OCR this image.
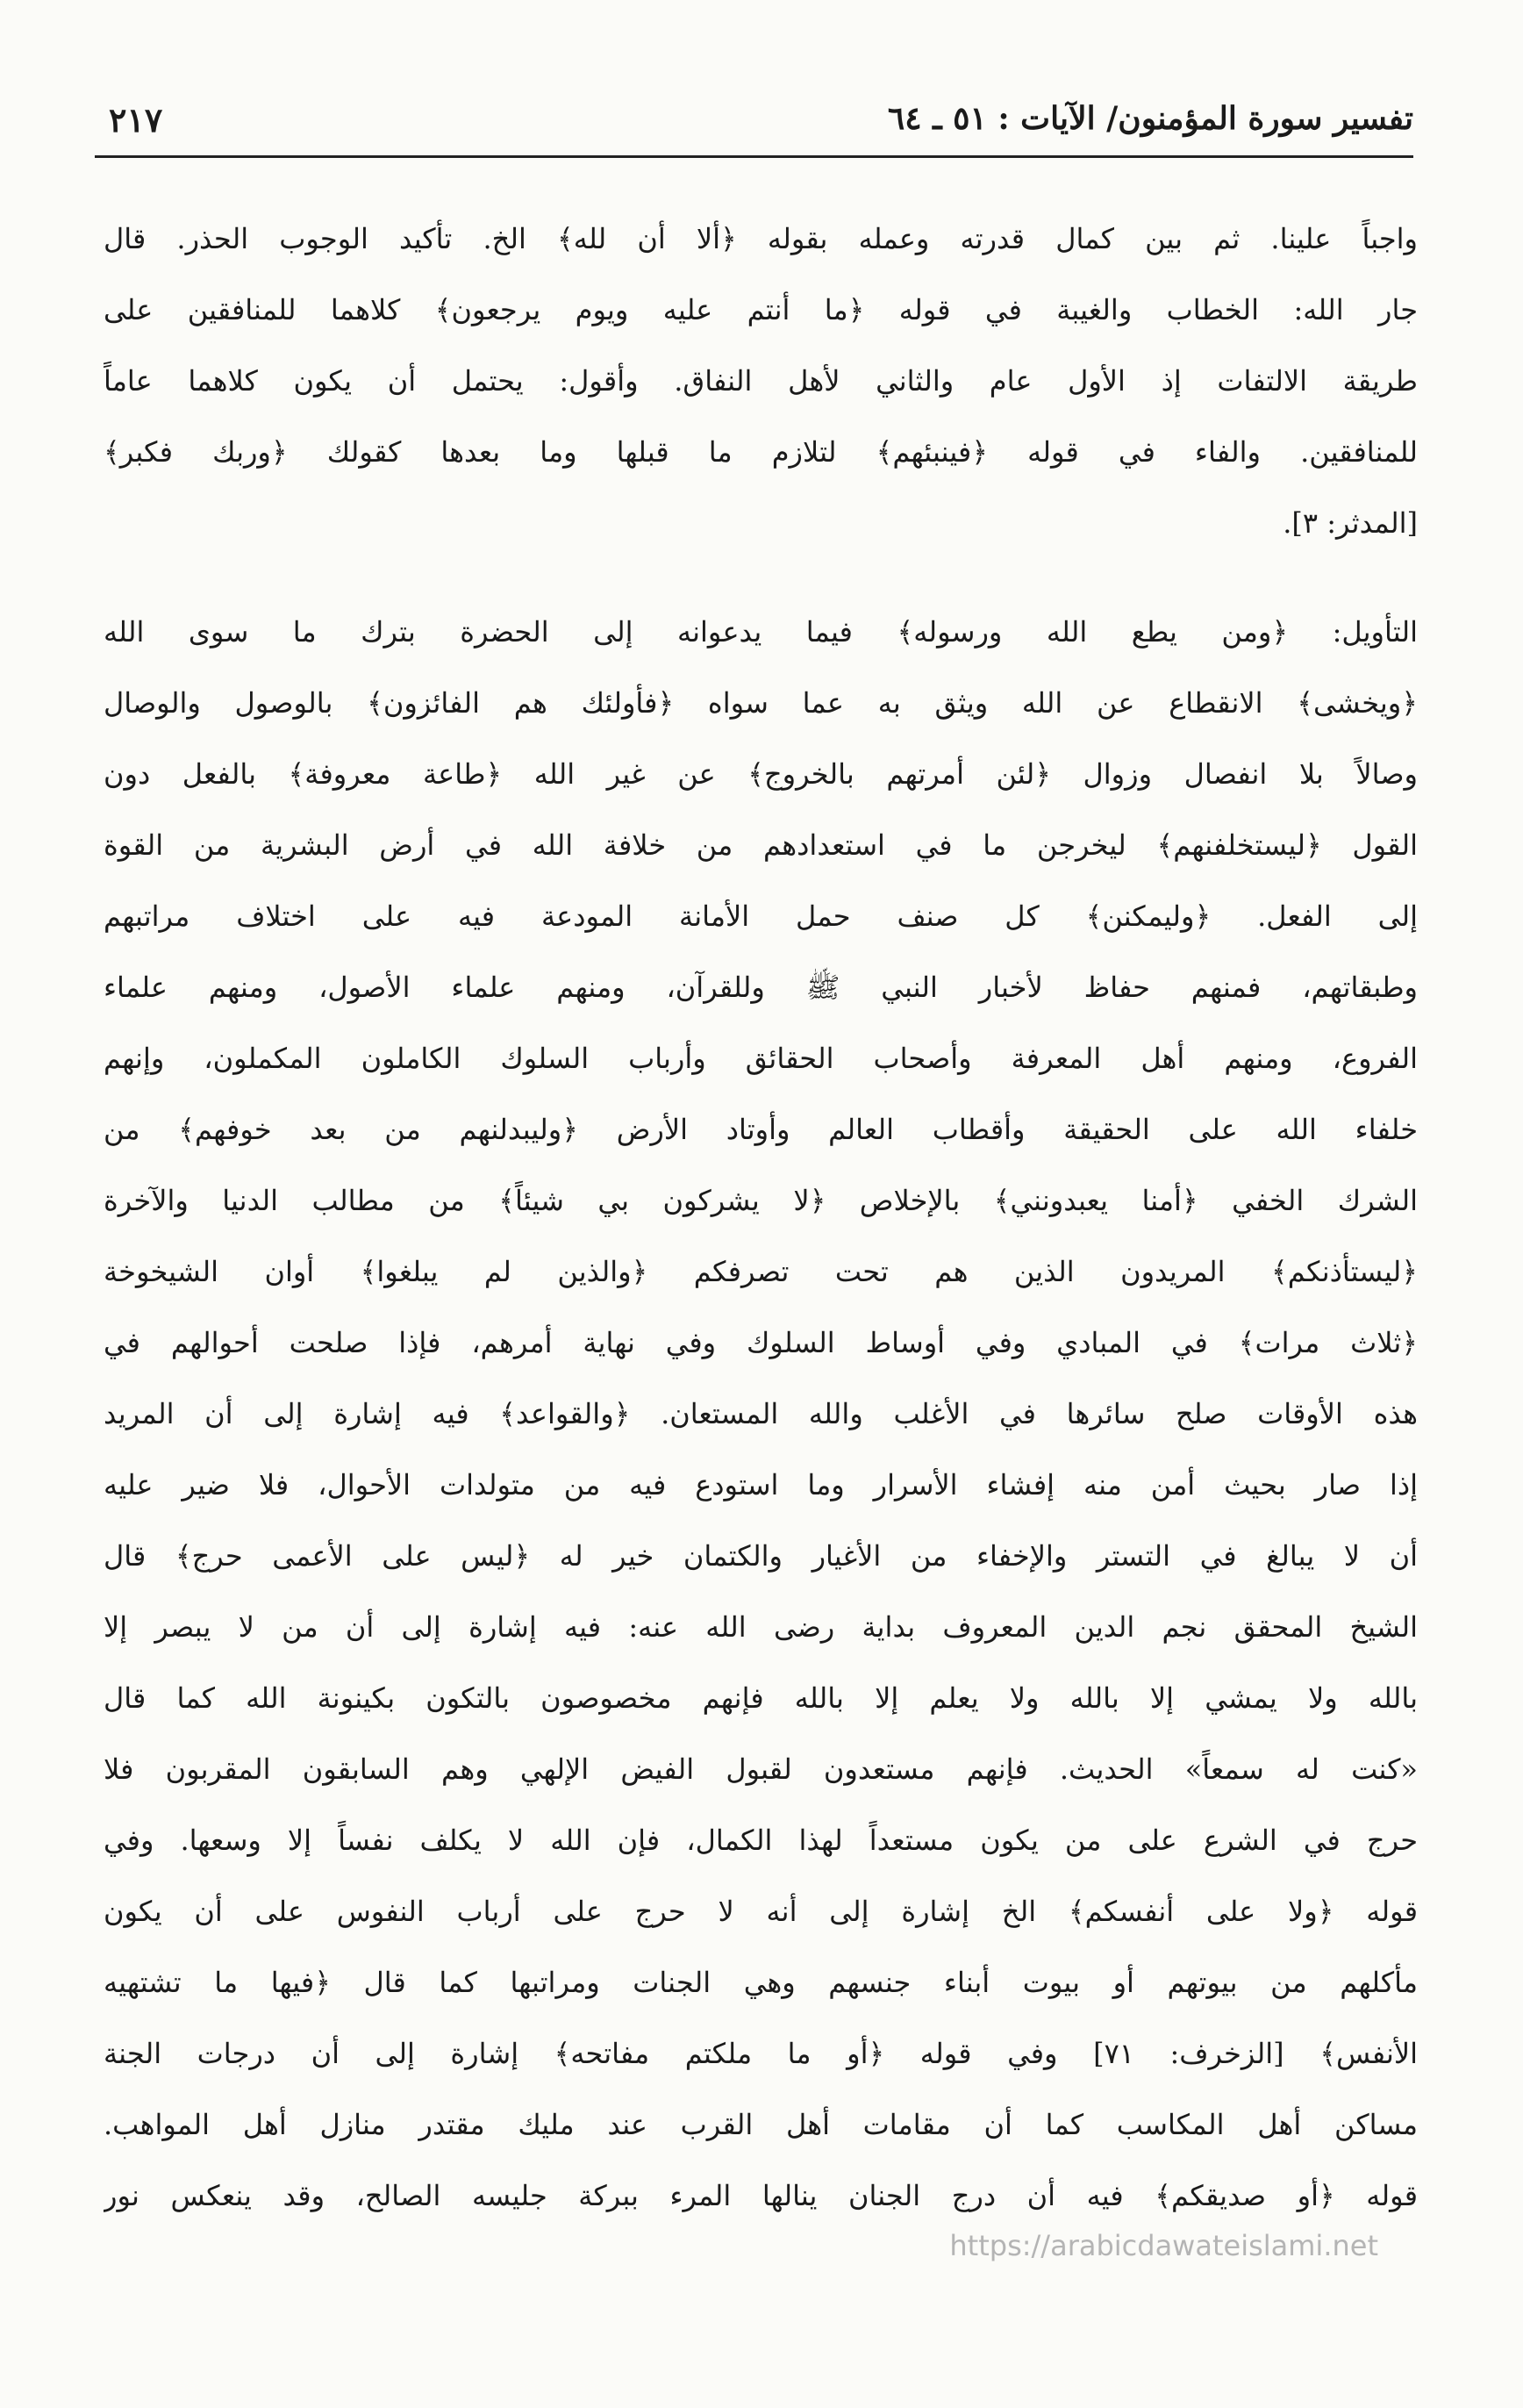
تفسير سورة المؤمنون/ الآيات : ٥١ ـ ٦٤
٢١٧
واجباً علينا. ثم بين كمال قدرته وعمله بقوله ﴿ألا أن لله﴾ الخ. تأكيد الوجوب الحذر. قال
جار الله: الخطاب والغيبة في قوله ﴿ما أنتم عليه ويوم يرجعون﴾ كلاهما للمنافقين على
طريقة الالتفات إذ الأول عام والثاني لأهل النفاق. وأقول: يحتمل أن يكون كلاهما عاماً
للمنافقين. والفاء في قوله ﴿فينبئهم﴾ لتلازم ما قبلها وما بعدها كقولك ﴿وربك فكبر﴾
[المدثر: ٣].
التأويل: ﴿ومن يطع الله ورسوله﴾ فيما يدعوانه إلى الحضرة بترك ما سوى الله
﴿ويخشى﴾ الانقطاع عن الله ويثق به عما سواه ﴿فأولئك هم الفائزون﴾ بالوصول والوصال
وصالاً بلا انفصال وزوال ﴿لئن أمرتهم بالخروج﴾ عن غير الله ﴿طاعة معروفة﴾ بالفعل دون
القول ﴿ليستخلفنهم﴾ ليخرجن ما في استعدادهم من خلافة الله في أرض البشرية من القوة
إلى الفعل. ﴿وليمكنن﴾ كل صنف حمل الأمانة المودعة فيه على اختلاف مراتبهم
وطبقاتهم، فمنهم حفاظ لأخبار النبي ﷺ وللقرآن، ومنهم علماء الأصول، ومنهم علماء
الفروع، ومنهم أهل المعرفة وأصحاب الحقائق وأرباب السلوك الكاملون المكملون، وإنهم
خلفاء الله على الحقيقة وأقطاب العالم وأوتاد الأرض ﴿وليبدلنهم من بعد خوفهم﴾ من
الشرك الخفي ﴿أمنا يعبدونني﴾ بالإخلاص ﴿لا يشركون بي شيئاً﴾ من مطالب الدنيا والآخرة
﴿ليستأذنكم﴾ المريدون الذين هم تحت تصرفكم ﴿والذين لم يبلغوا﴾ أوان الشيخوخة
﴿ثلاث مرات﴾ في المبادي وفي أوساط السلوك وفي نهاية أمرهم، فإذا صلحت أحوالهم في
هذه الأوقات صلح سائرها في الأغلب والله المستعان. ﴿والقواعد﴾ فيه إشارة إلى أن المريد
إذا صار بحيث أمن منه إفشاء الأسرار وما استودع فيه من متولدات الأحوال، فلا ضير عليه
أن لا يبالغ في التستر والإخفاء من الأغيار والكتمان خير له ﴿ليس على الأعمى حرج﴾ قال
الشيخ المحقق نجم الدين المعروف بداية رضى الله عنه: فيه إشارة إلى أن من لا يبصر إلا
بالله ولا يمشي إلا بالله ولا يعلم إلا بالله فإنهم مخصوصون بالتكون بكينونة الله كما قال
«كنت له سمعاً» الحديث. فإنهم مستعدون لقبول الفيض الإلهي وهم السابقون المقربون فلا
حرج في الشرع على من يكون مستعداً لهذا الكمال، فإن الله لا يكلف نفساً إلا وسعها. وفي
قوله ﴿ولا على أنفسكم﴾ الخ إشارة إلى أنه لا حرج على أرباب النفوس على أن يكون
مأكلهم من بيوتهم أو بيوت أبناء جنسهم وهي الجنات ومراتبها كما قال ﴿فيها ما تشتهيه
الأنفس﴾ [الزخرف: ٧١] وفي قوله ﴿أو ما ملكتم مفاتحه﴾ إشارة إلى أن درجات الجنة
مساكن أهل المكاسب كما أن مقامات أهل القرب عند مليك مقتدر منازل أهل المواهب.
قوله ﴿أو صديقكم﴾ فيه أن درج الجنان ينالها المرء ببركة جليسه الصالح، وقد ينعكس نور
https://arabicdawateislami.net
